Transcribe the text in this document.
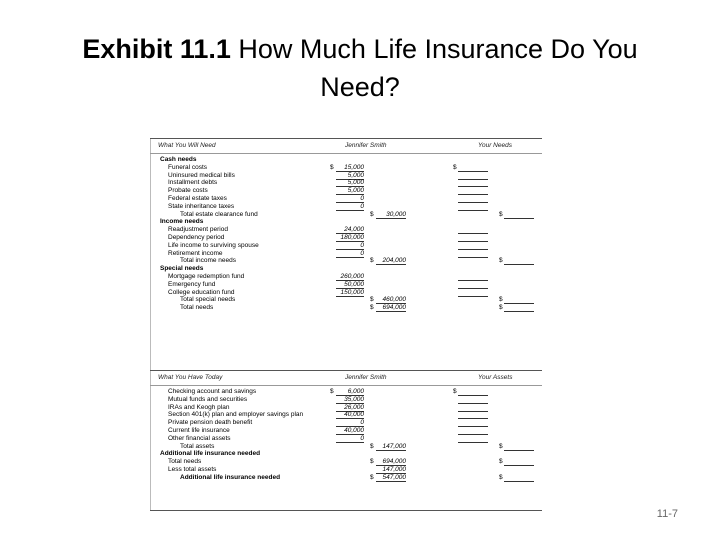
Exhibit 11.1 How Much Life Insurance Do You Need?
What You Will Need	Jennifer Smith	Your Needs
Cash needs
Funeral costs	$	15,000	$
Uninsured medical bills	5,000
Installment debts	5,000
Probate costs	5,000
Federal estate taxes	0
State inheritance taxes	0
Total estate clearance fund	$	30,000	$
Income needs
Readjustment period	24,000
Dependency period	180,000
Life income to surviving spouse	0
Retirement income	0
Total income needs	$	204,000	$
Special needs
Mortgage redemption fund	260,000
Emergency fund	50,000
College education fund	150,000
Total special needs	$	460,000	$
Total needs	$	694,000	$
What You Have Today	Jennifer Smith	Your Assets
Checking account and savings	$	6,000	$
Mutual funds and securities	35,000
IRAs and Keogh plan	26,000
Section 401(k) plan and employer savings plan	40,000
Private pension death benefit	0
Current life insurance	40,000
Other financial assets	0
Total assets	$	147,000	$
Additional life insurance needed
Total needs	$	694,000	$
Less total assets	147,000
Additional life insurance needed	$	547,000	$
11-7
